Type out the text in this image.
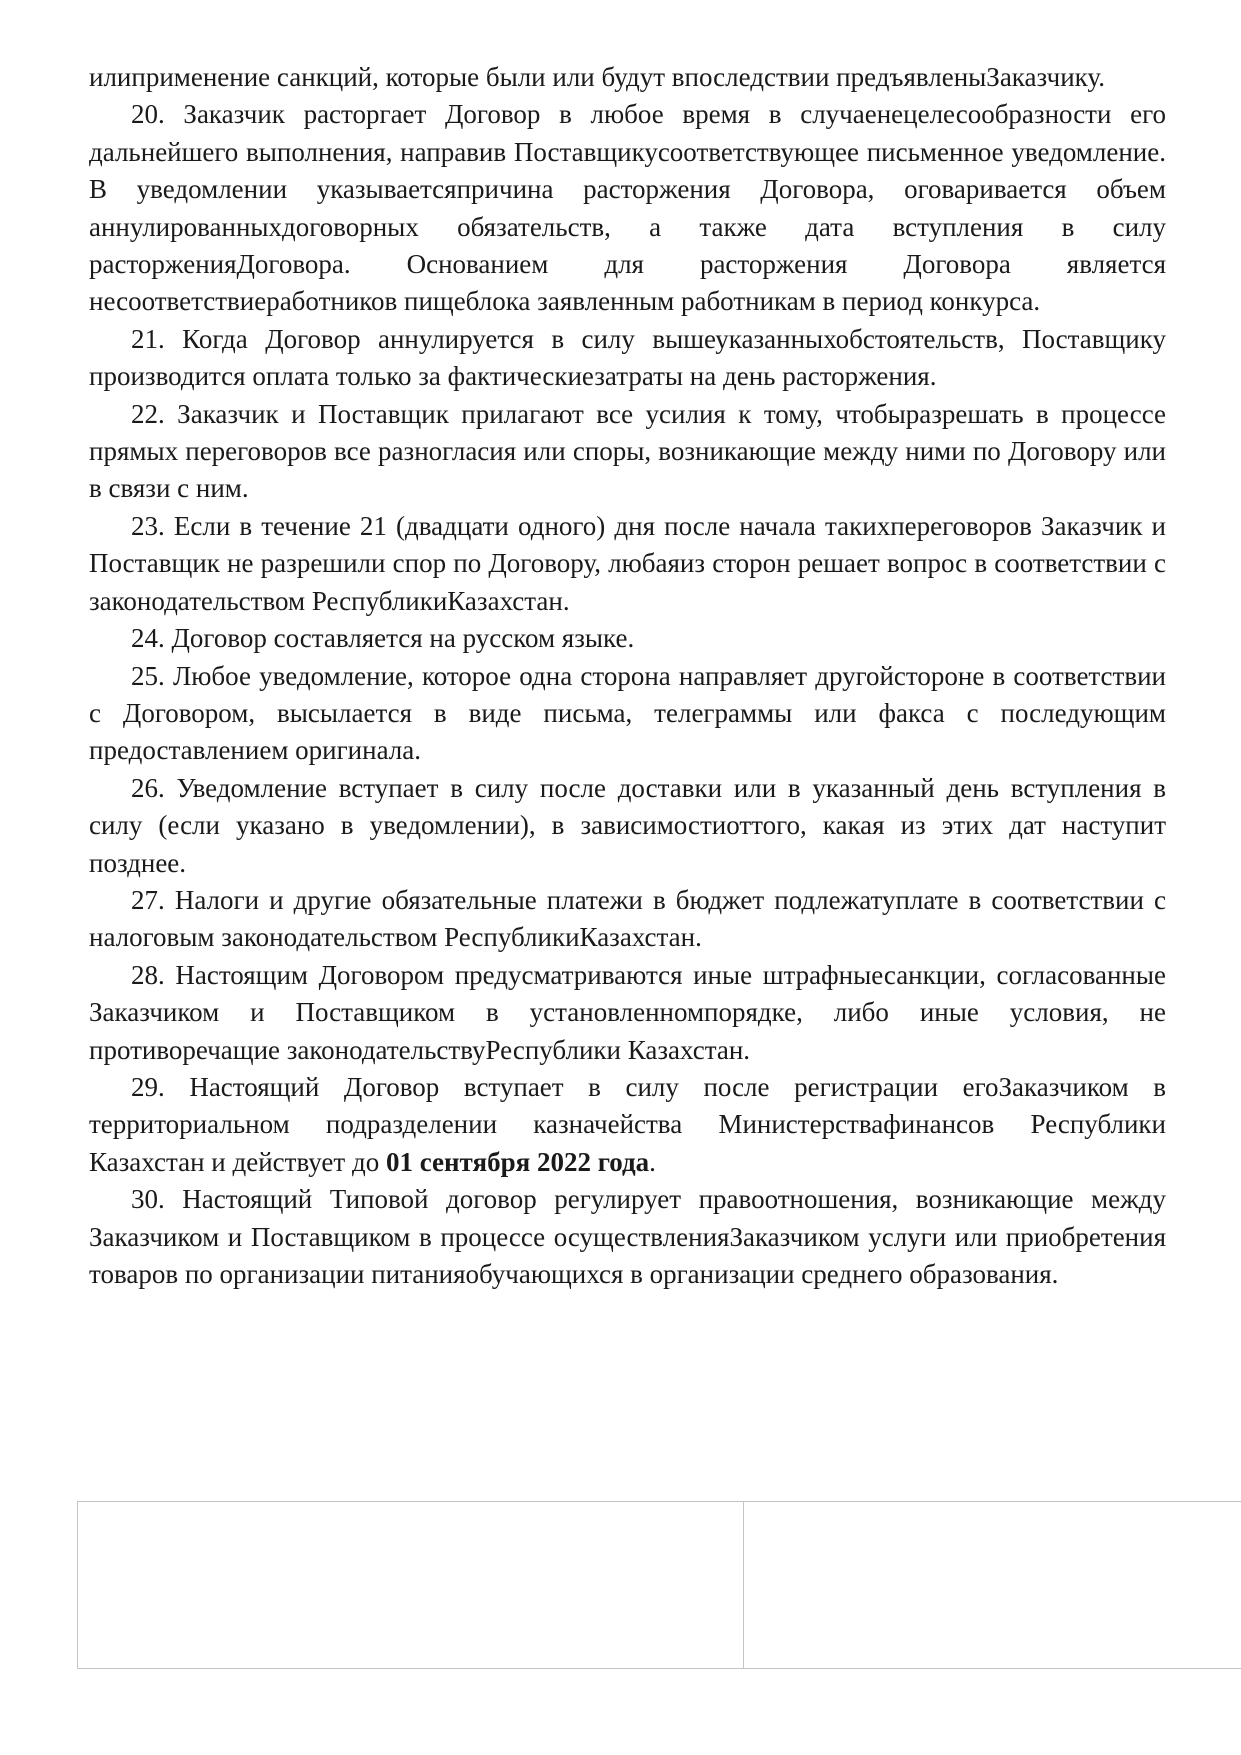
илиприменение санкций, которые были или будут впоследствии предъявленыЗаказчику.

20. Заказчик расторгает Договор в любое время в случаенецелесообразности его дальнейшего выполнения, направив Поставщикусоответствующее письменное уведомление. В уведомлении указываетсяпричина расторжения Договора, оговаривается объем аннулированныхдоговорных обязательств, а также дата вступления в силу расторженияДоговора. Основанием для расторжения Договора является несоответствиеработников пищеблока заявленным работникам в период конкурса.

21. Когда Договор аннулируется в силу вышеуказанныхобстоятельств, Поставщику производится оплата только за фактическиезатраты на день расторжения.

22. Заказчик и Поставщик прилагают все усилия к тому, чтобыразрешать в процессе прямых переговоров все разногласия или споры, возникающие между ними по Договору или в связи с ним.

23. Если в течение 21 (двадцати одного) дня после начала такихпереговоров Заказчик и Поставщик не разрешили спор по Договору, любаяиз сторон решает вопрос в соответствии с законодательством РеспубликиКазахстан.

24. Договор составляется на русском языке.

25. Любое уведомление, которое одна сторона направляет другойстороне в соответствии с Договором, высылается в виде письма, телеграммы или факса с последующим предоставлением оригинала.

26. Уведомление вступает в силу после доставки или в указанный день вступления в силу (если указано в уведомлении), в зависимостиоттого, какая из этих дат наступит позднее.

27. Налоги и другие обязательные платежи в бюджет подлежатуплате в соответствии с налоговым законодательством РеспубликиКазахстан.

28. Настоящим Договором предусматриваются иные штрафныесанкции, согласованные Заказчиком и Поставщиком в установленномпорядке, либо иные условия, не противоречащие законодательствуРеспублики Казахстан.

29. Настоящий Договор вступает в силу после регистрации егоЗаказчиком в территориальном подразделении казначейства Министерствафинансов Республики Казахстан и действует до 01 сентября 2022 года.

30. Настоящий Типовой договор регулирует правоотношения, возникающие между Заказчиком и Поставщиком в процессе осуществленияЗаказчиком услуги или приобретения товаров по организации питанияобучающихся в организации среднего образования.
